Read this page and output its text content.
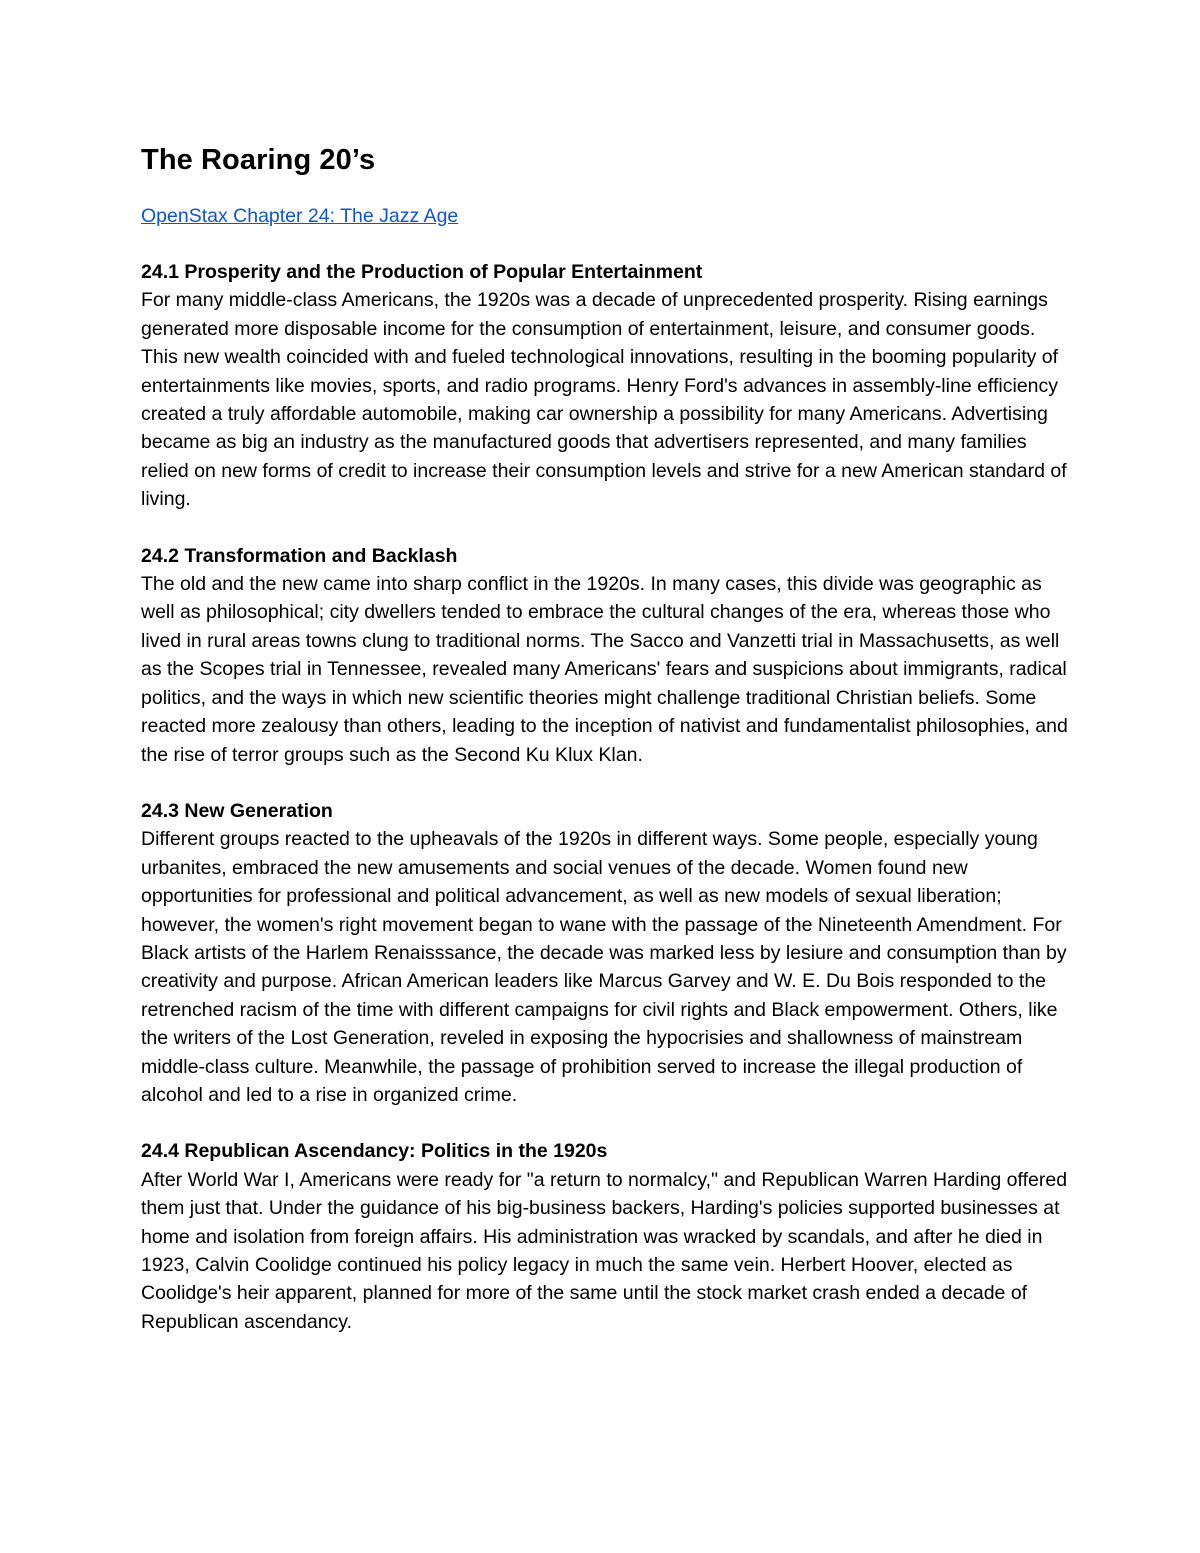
The Roaring 20’s
OpenStax Chapter 24: The Jazz Age

24.1 Prosperity and the Production of Popular Entertainment

For many middle-class Americans, the 1920s was a decade of unprecedented prosperity. Rising earnings generated more disposable income for the consumption of entertainment, leisure, and consumer goods. This new wealth coincided with and fueled technological innovations, resulting in the booming popularity of entertainments like movies, sports, and radio programs. Henry Ford's advances in assembly-line efficiency created a truly affordable automobile, making car ownership a possibility for many Americans. Advertising became as big an industry as the manufactured goods that advertisers represented, and many families relied on new forms of credit to increase their consumption levels and strive for a new American standard of living.

24.2 Transformation and Backlash

The old and the new came into sharp conflict in the 1920s. In many cases, this divide was geographic as well as philosophical; city dwellers tended to embrace the cultural changes of the era, whereas those who lived in rural areas towns clung to traditional norms. The Sacco and Vanzetti trial in Massachusetts, as well as the Scopes trial in Tennessee, revealed many Americans' fears and suspicions about immigrants, radical politics, and the ways in which new scientific theories might challenge traditional Christian beliefs. Some reacted more zealousy than others, leading to the inception of nativist and fundamentalist philosophies, and the rise of terror groups such as the Second Ku Klux Klan.

24.3 New Generation

Different groups reacted to the upheavals of the 1920s in different ways. Some people, especially young urbanites, embraced the new amusements and social venues of the decade. Women found new opportunities for professional and political advancement, as well as new models of sexual liberation; however, the women's right movement began to wane with the passage of the Nineteenth Amendment. For Black artists of the Harlem Renaisssance, the decade was marked less by lesiure and consumption than by creativity and purpose. African American leaders like Marcus Garvey and W. E. Du Bois responded to the retrenched racism of the time with different campaigns for civil rights and Black empowerment. Others, like the writers of the Lost Generation, reveled in exposing the hypocrisies and shallowness of mainstream middle-class culture. Meanwhile, the passage of prohibition served to increase the illegal production of alcohol and led to a rise in organized crime.

24.4 Republican Ascendancy: Politics in the 1920s

After World War I, Americans were ready for "a return to normalcy," and Republican Warren Harding offered them just that. Under the guidance of his big-business backers, Harding's policies supported businesses at home and isolation from foreign affairs. His administration was wracked by scandals, and after he died in 1923, Calvin Coolidge continued his policy legacy in much the same vein. Herbert Hoover, elected as Coolidge's heir apparent, planned for more of the same until the stock market crash ended a decade of Republican ascendancy.
